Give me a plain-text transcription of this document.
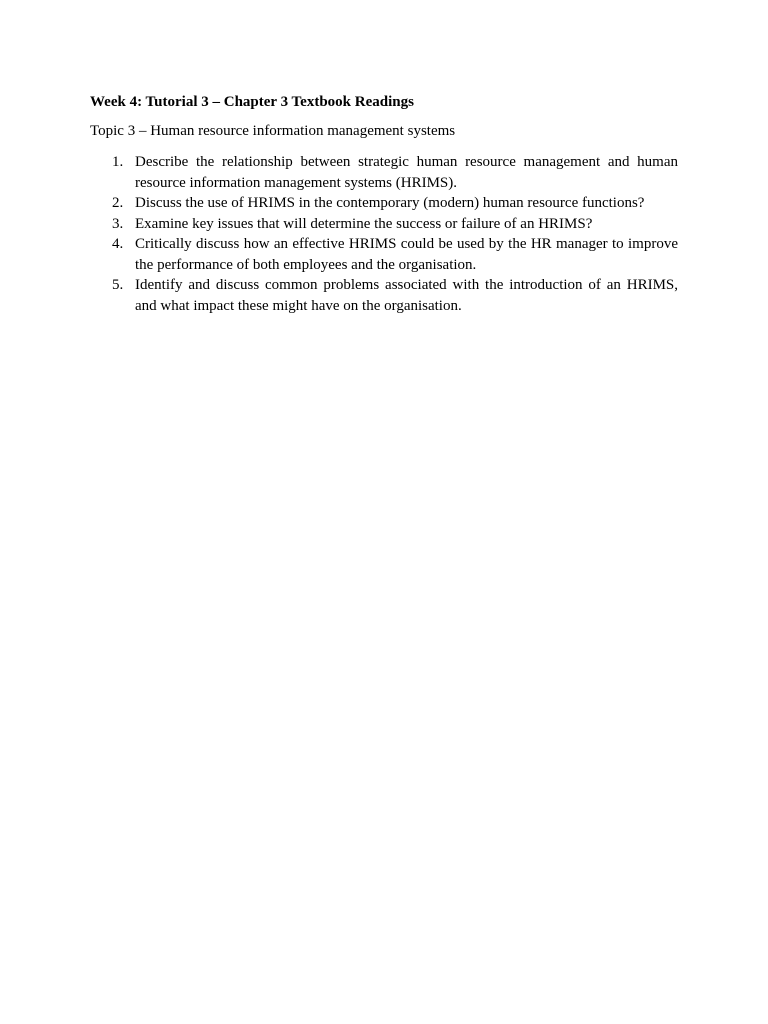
Week 4: Tutorial 3 – Chapter 3 Textbook Readings

Topic 3 – Human resource information management systems

1. Describe the relationship between strategic human resource management and human resource information management systems (HRIMS).
2. Discuss the use of HRIMS in the contemporary (modern) human resource functions?
3. Examine key issues that will determine the success or failure of an HRIMS?
4. Critically discuss how an effective HRIMS could be used by the HR manager to improve the performance of both employees and the organisation.
5. Identify and discuss common problems associated with the introduction of an HRIMS, and what impact these might have on the organisation.
